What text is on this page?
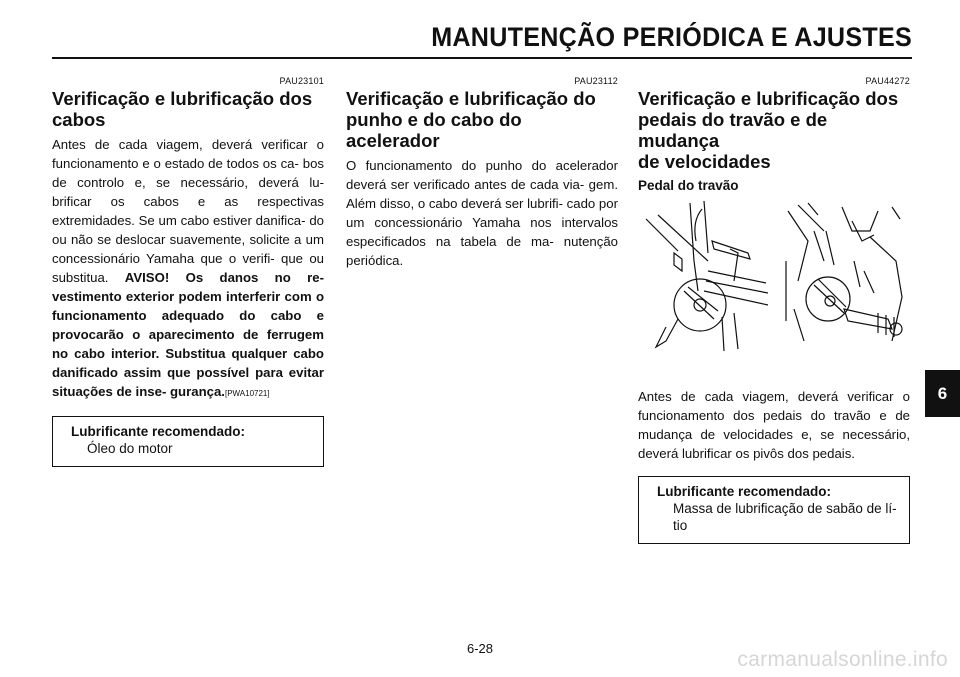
MANUTENÇÃO PERIÓDICA E AJUSTES
PAU23101
Verificação e lubrificação dos
cabos

Antes de cada viagem, deverá verificar o funcionamento e o estado de todos os ca- bos de controlo e, se necessário, deverá lu- brificar os cabos e as respectivas extremidades. Se um cabo estiver danifica- do ou não se deslocar suavemente, solicite a um concessionário Yamaha que o verifi- que ou substitua. AVISO! Os danos no re- vestimento exterior podem interferir com o funcionamento adequado do cabo e provocarão o aparecimento de ferrugem no cabo interior. Substitua qualquer cabo danificado assim que possível para evitar situações de inse- gurança.[PWA10721]

Lubrificante recomendado:
Óleo do motor
PAU23112
Verificação e lubrificação do
punho e do cabo do acelerador

O funcionamento do punho do acelerador deverá ser verificado antes de cada via- gem. Além disso, o cabo deverá ser lubrifi- cado por um concessionário Yamaha nos intervalos especificados na tabela de ma- nutenção periódica.

PAU44272
Verificação e lubrificação dos
pedais do travão e de mudança
de velocidades
Pedal do travão

Antes de cada viagem, deverá verificar o funcionamento dos pedais do travão e de mudança de velocidades e, se necessário, deverá lubrificar os pivôs dos pedais.

Lubrificante recomendado:
Massa de lubrificação de sabão de lí-
tio
6
6-28	carmanualsonline.info
